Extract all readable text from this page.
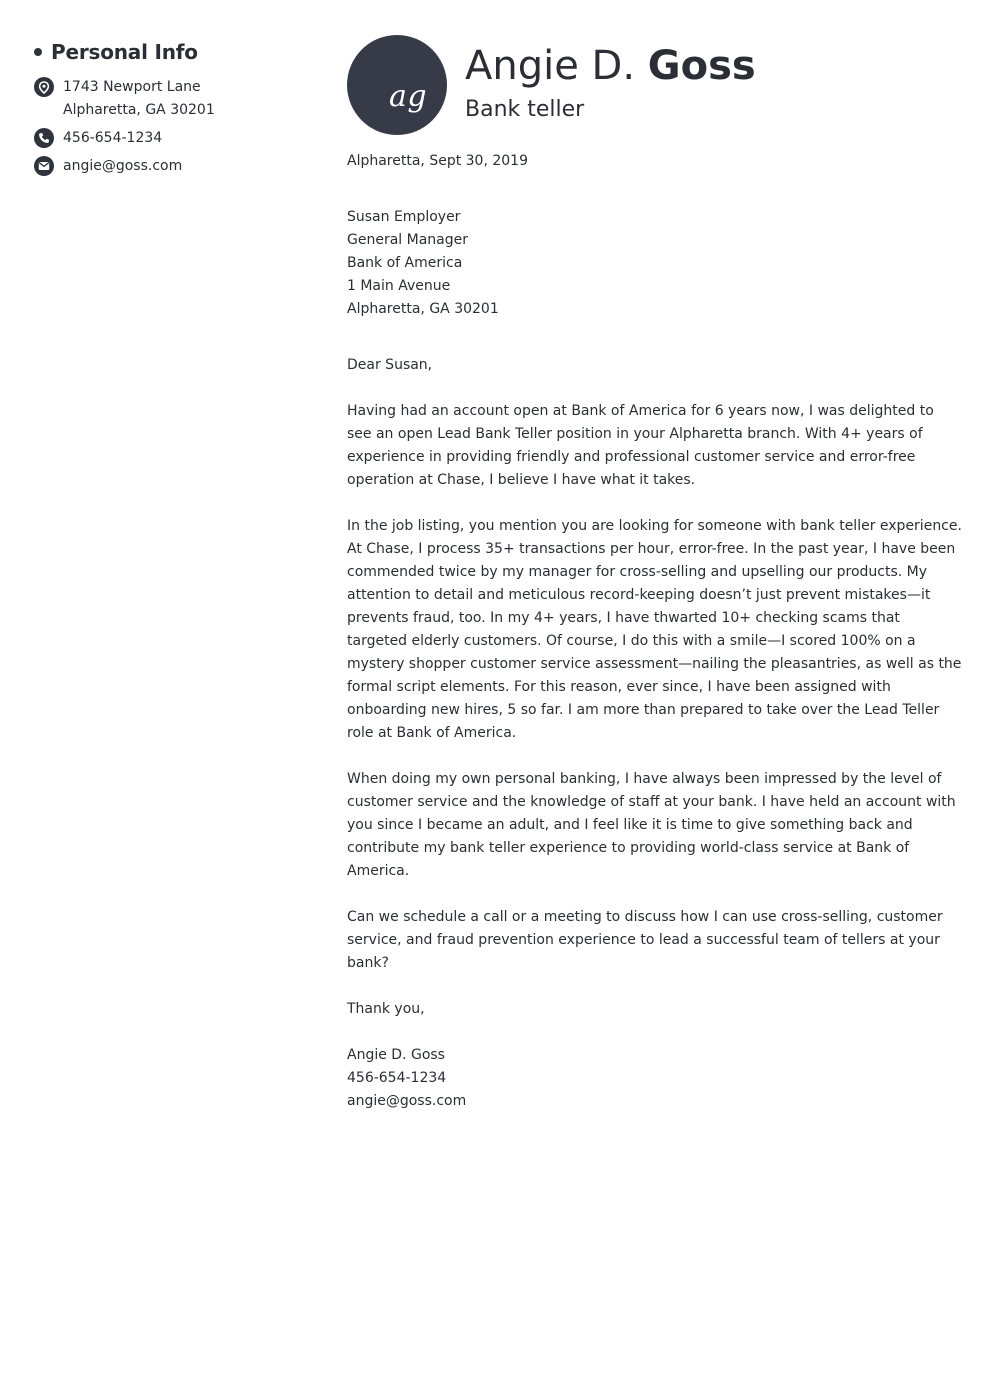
Personal Info
1743 Newport Lane
Alpharetta, GA 30201
456-654-1234
angie@goss.com
ag
Angie D. Goss
Bank teller

Alpharetta, Sept 30, 2019

Susan Employer
General Manager
Bank of America
1 Main Avenue
Alpharetta, GA 30201

Dear Susan,

Having had an account open at Bank of America for 6 years now, I was delighted to see an open Lead Bank Teller position in your Alpharetta branch. With 4+ years of experience in providing friendly and professional customer service and error-free operation at Chase, I believe I have what it takes.

In the job listing, you mention you are looking for someone with bank teller experience. At Chase, I process 35+ transactions per hour, error-free. In the past year, I have been commended twice by my manager for cross-selling and upselling our products. My attention to detail and meticulous record-keeping doesn’t just prevent mistakes—it prevents fraud, too. In my 4+ years, I have thwarted 10+ checking scams that targeted elderly customers. Of course, I do this with a smile—I scored 100% on a mystery shopper customer service assessment—nailing the pleasantries, as well as the formal script elements. For this reason, ever since, I have been assigned with onboarding new hires, 5 so far. I am more than prepared to take over the Lead Teller role at Bank of America.

When doing my own personal banking, I have always been impressed by the level of customer service and the knowledge of staff at your bank. I have held an account with you since I became an adult, and I feel like it is time to give something back and contribute my bank teller experience to providing world-class service at Bank of America.

Can we schedule a call or a meeting to discuss how I can use cross-selling, customer service, and fraud prevention experience to lead a successful team of tellers at your bank?

Thank you,

Angie D. Goss
456-654-1234
angie@goss.com
